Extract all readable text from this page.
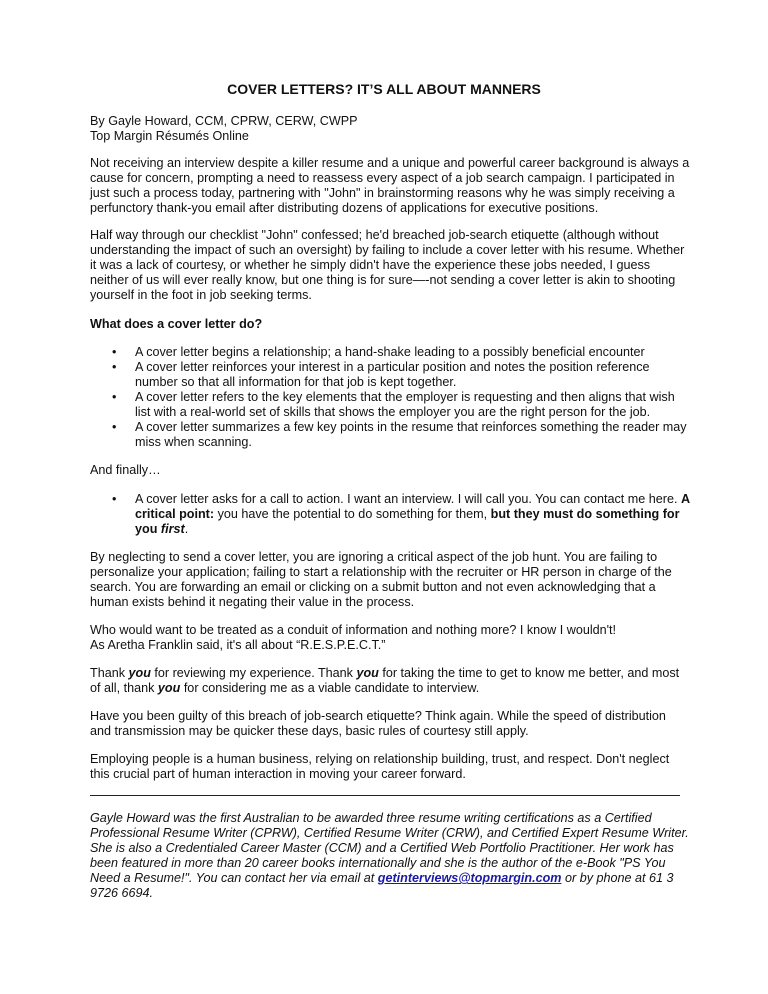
COVER LETTERS? IT’S ALL ABOUT MANNERS

By Gayle Howard, CCM, CPRW, CERW, CWPP

Top Margin Résumés Online

Not receiving an interview despite a killer resume and a unique and powerful career background is always a cause for concern, prompting a need to reassess every aspect of a job search campaign. I participated in just such a process today, partnering with "John" in brainstorming reasons why he was simply receiving a perfunctory thank-you email after distributing dozens of applications for executive positions.

Half way through our checklist "John" confessed; he'd breached job-search etiquette (although without understanding the impact of such an oversight) by failing to include a cover letter with his resume. Whether it was a lack of courtesy, or whether he simply didn't have the experience these jobs needed, I guess neither of us will ever really know, but one thing is for sure—-not sending a cover letter is akin to shooting yourself in the foot in job seeking terms.

What does a cover letter do?
• A cover letter begins a relationship; a hand-shake leading to a possibly beneficial encounter
• A cover letter reinforces your interest in a particular position and notes the position reference number so that all information for that job is kept together.
• A cover letter refers to the key elements that the employer is requesting and then aligns that wish list with a real-world set of skills that shows the employer you are the right person for the job.
• A cover letter summarizes a few key points in the resume that reinforces something the reader may miss when scanning.
And finally…
• A cover letter asks for a call to action. I want an interview. I will call you. You can contact me here. A critical point: you have the potential to do something for them, but they must do something for you first.

By neglecting to send a cover letter, you are ignoring a critical aspect of the job hunt. You are failing to personalize your application; failing to start a relationship with the recruiter or HR person in charge of the search. You are forwarding an email or clicking on a submit button and not even acknowledging that a human exists behind it negating their value in the process.

Who would want to be treated as a conduit of information and nothing more? I know I wouldn't!

As Aretha Franklin said, it's all about “R.E.S.P.E.C.T.”

Thank you for reviewing my experience. Thank you for taking the time to get to know me better, and most of all, thank you for considering me as a viable candidate to interview.

Have you been guilty of this breach of job-search etiquette? Think again. While the speed of distribution and transmission may be quicker these days, basic rules of courtesy still apply.

Employing people is a human business, relying on relationship building, trust, and respect. Don't neglect this crucial part of human interaction in moving your career forward.

Gayle Howard was the first Australian to be awarded three resume writing certifications as a Certified Professional Resume Writer (CPRW), Certified Resume Writer (CRW), and Certified Expert Resume Writer. She is also a Credentialed Career Master (CCM) and a Certified Web Portfolio Practitioner. Her work has been featured in more than 20 career books internationally and she is the author of the e-Book "PS You Need a Resume!". You can contact her via email at getinterviews@topmargin.com or by phone at 61 3 9726 6694.
